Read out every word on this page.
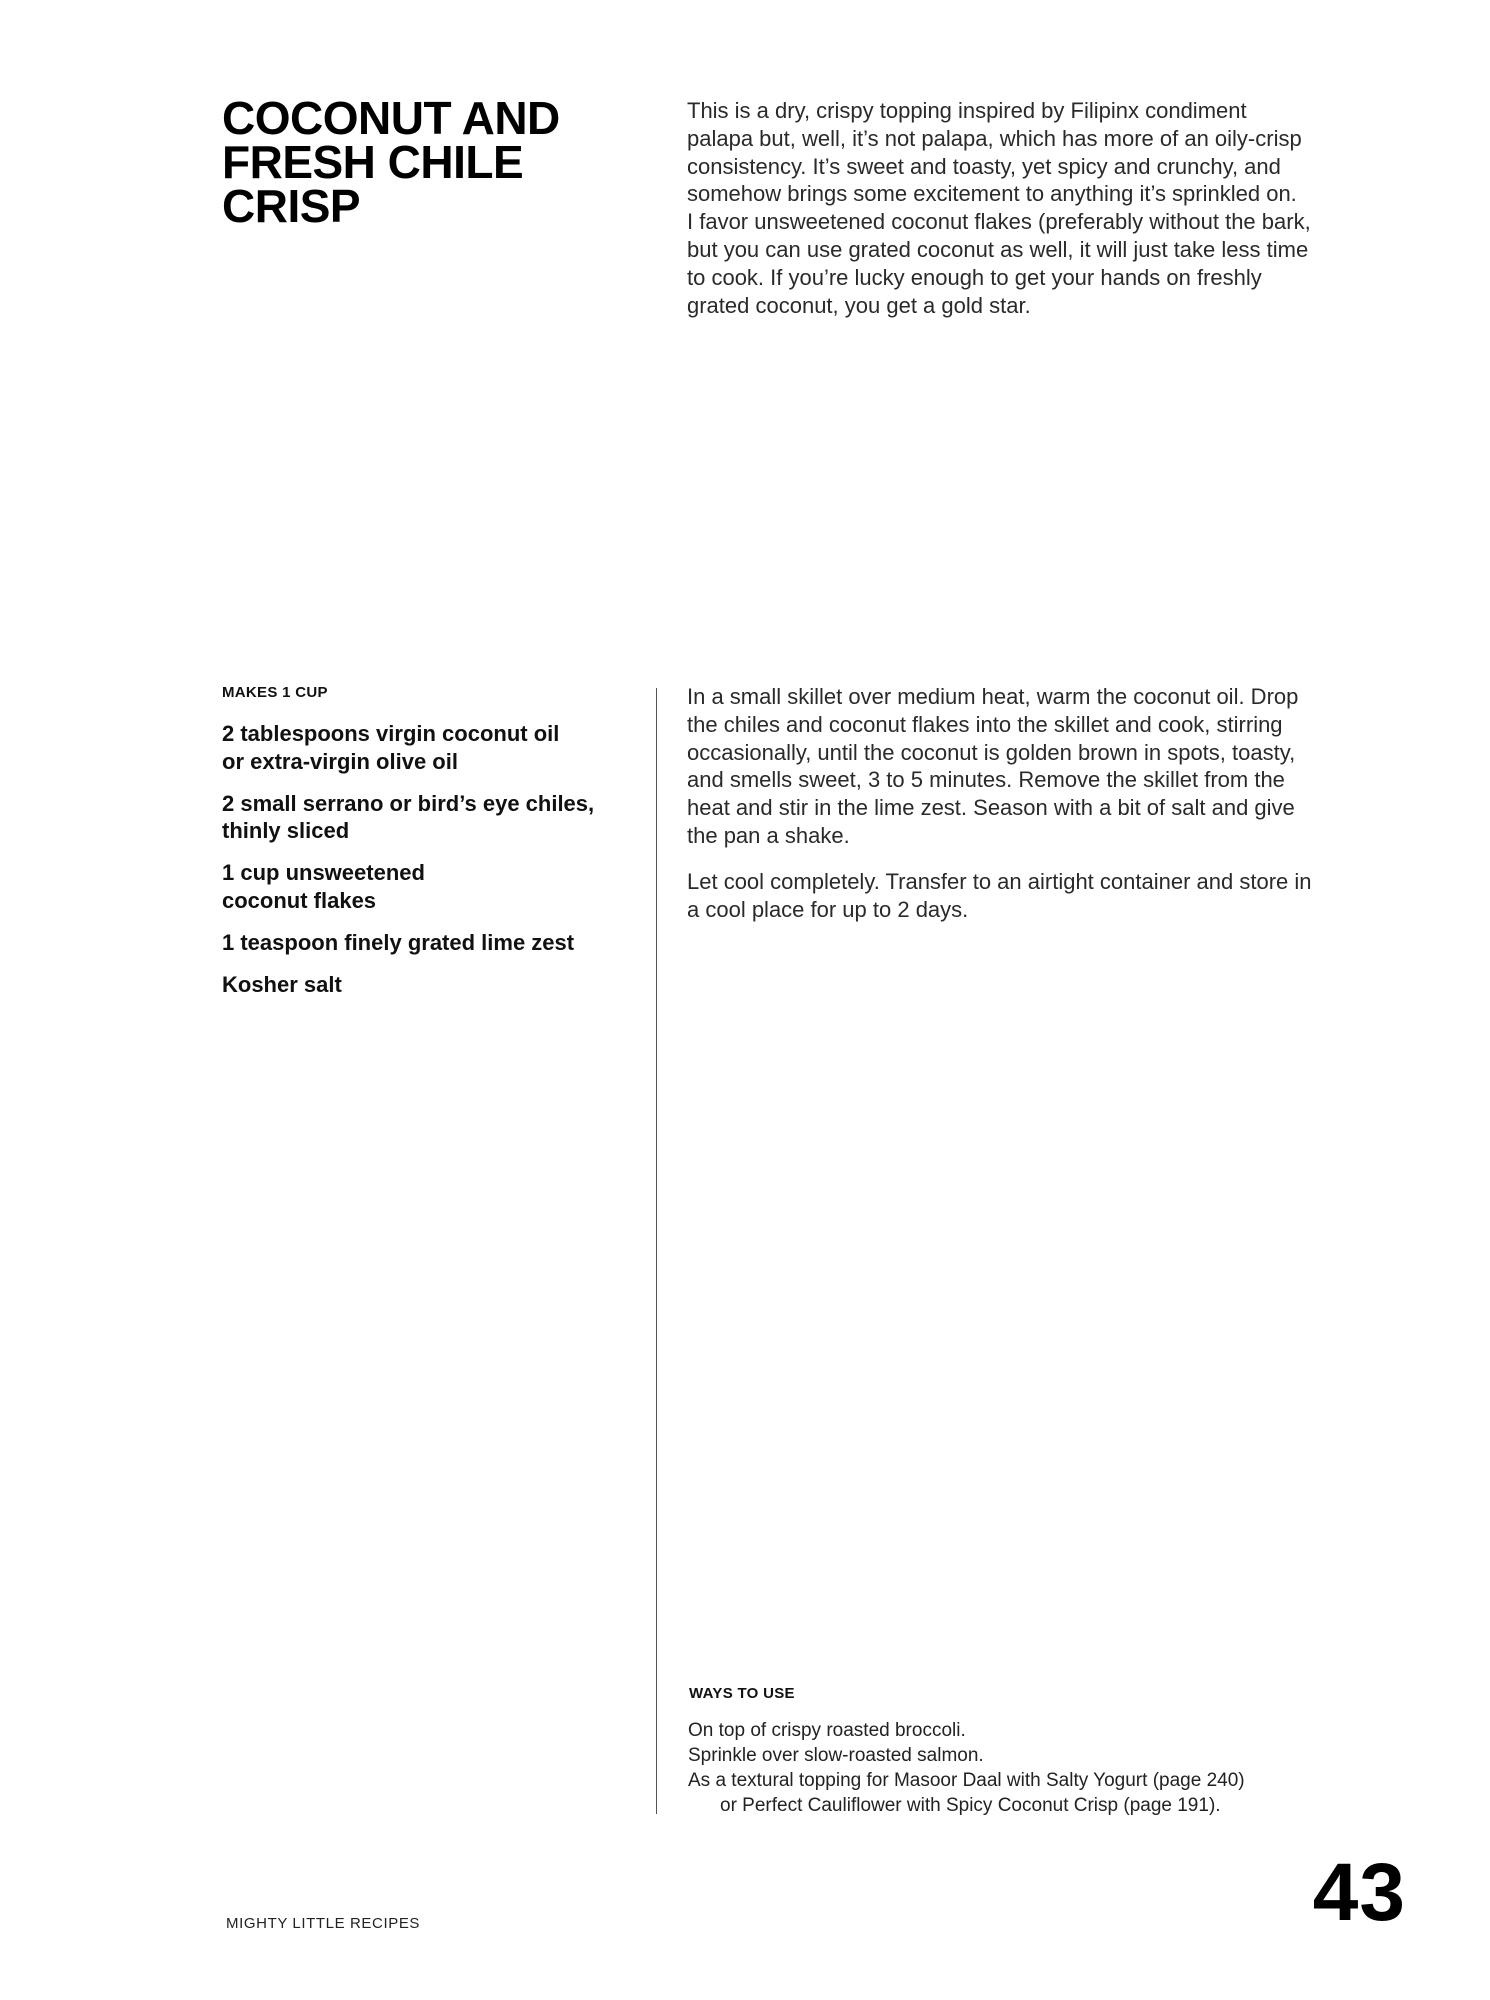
COCONUT AND
FRESH CHILE
CRISP
This is a dry, crispy topping inspired by Filipinx condiment
palapa but, well, it’s not palapa, which has more of an oily-crisp
consistency. It’s sweet and toasty, yet spicy and crunchy, and
somehow brings some excitement to anything it’s sprinkled on.
I favor unsweetened coconut flakes (preferably without the bark,
but you can use grated coconut as well, it will just take less time
to cook. If you’re lucky enough to get your hands on freshly
grated coconut, you get a gold star.
MAKES 1 CUP
2 tablespoons virgin coconut oil
or extra-virgin olive oil
2 small serrano or bird’s eye chiles,
thinly sliced
1 cup unsweetened
coconut flakes
1 teaspoon finely grated lime zest
Kosher salt

In a small skillet over medium heat, warm the coconut oil. Drop
the chiles and coconut flakes into the skillet and cook, stirring
occasionally, until the coconut is golden brown in spots, toasty,
and smells sweet, 3 to 5 minutes. Remove the skillet from the
heat and stir in the lime zest. Season with a bit of salt and give
the pan a shake.

Let cool completely. Transfer to an airtight container and store in
a cool place for up to 2 days.

WAYS TO USE
On top of crispy roasted broccoli.
Sprinkle over slow-roasted salmon.
As a textural topping for Masoor Daal with Salty Yogurt (page 240)
or Perfect Cauliflower with Spicy Coconut Crisp (page 191).
MIGHTY LITTLE RECIPES	43
